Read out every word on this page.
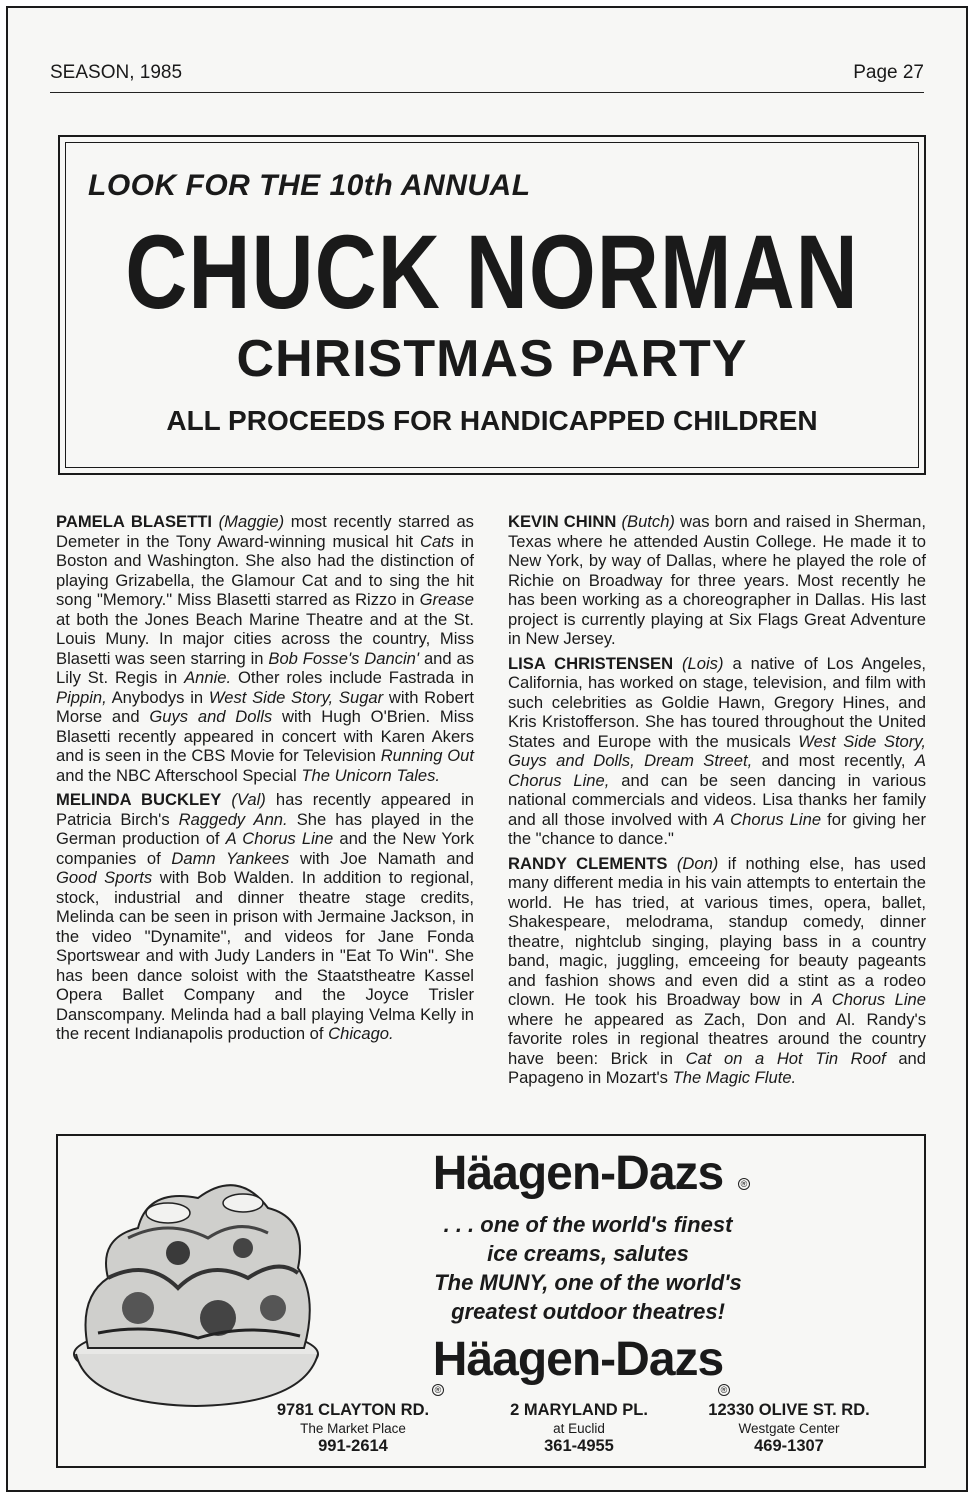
SEASON, 1985	Page 27
LOOK FOR THE 10th ANNUAL
CHUCK NORMAN
CHRISTMAS PARTY
ALL PROCEEDS FOR HANDICAPPED CHILDREN

PAMELA BLASETTI (Maggie) most recently starred as Demeter in the Tony Award-winning musical hit Cats in Boston and Washington. She also had the distinction of playing Grizabella, the Glamour Cat and to sing the hit song "Memory." Miss Blasetti starred as Rizzo in Grease at both the Jones Beach Marine Theatre and at the St. Louis Muny. In major cities across the country, Miss Blasetti was seen starring in Bob Fosse's Dancin' and as Lily St. Regis in Annie. Other roles include Fastrada in Pippin, Anybodys in West Side Story, Sugar with Robert Morse and Guys and Dolls with Hugh O'Brien. Miss Blasetti recently appeared in concert with Karen Akers and is seen in the CBS Movie for Television Running Out and the NBC Afterschool Special The Unicorn Tales.

MELINDA BUCKLEY (Val) has recently appeared in Patricia Birch's Raggedy Ann. She has played in the German production of A Chorus Line and the New York companies of Damn Yankees with Joe Namath and Good Sports with Bob Walden. In addition to regional, stock, industrial and dinner theatre stage credits, Melinda can be seen in prison with Jermaine Jackson, in the video "Dynamite", and videos for Jane Fonda Sportswear and with Judy Landers in "Eat To Win". She has been dance soloist with the Staatstheatre Kassel Opera Ballet Company and the Joyce Trisler Danscompany. Melinda had a ball playing Velma Kelly in the recent Indianapolis production of Chicago.

KEVIN CHINN (Butch) was born and raised in Sherman, Texas where he attended Austin College. He made it to New York, by way of Dallas, where he played the role of Richie on Broadway for three years. Most recently he has been working as a choreographer in Dallas. His last project is currently playing at Six Flags Great Adventure in New Jersey.

LISA CHRISTENSEN (Lois) a native of Los Angeles, California, has worked on stage, television, and film with such celebrities as Goldie Hawn, Gregory Hines, and Kris Kristofferson. She has toured throughout the United States and Europe with the musicals West Side Story, Guys and Dolls, Dream Street, and most recently, A Chorus Line, and can be seen dancing in various national commercials and videos. Lisa thanks her family and all those involved with A Chorus Line for giving her the "chance to dance."

RANDY CLEMENTS (Don) if nothing else, has used many different media in his vain attempts to entertain the world. He has tried, at various times, opera, ballet, Shakespeare, melodrama, standup comedy, dinner theatre, nightclub singing, playing bass in a country band, magic, juggling, emceeing for beauty pageants and fashion shows and even did a stint as a rodeo clown. He took his Broadway bow in A Chorus Line where he appeared as Zach, Don and Al. Randy's favorite roles in regional theatres around the country have been: Brick in Cat on a Hot Tin Roof and Papageno in Mozart's The Magic Flute.

Häagen-Dazs	®
. . . one of the world's finest
ice creams, salutes
The MUNY, one of the world's
greatest outdoor theatres!
Häagen-Dazs
®	®
9781 CLAYTON RD.
The Market Place
991-2614
2 MARYLAND PL.
at Euclid
361-4955
12330 OLIVE ST. RD.
Westgate Center
469-1307
